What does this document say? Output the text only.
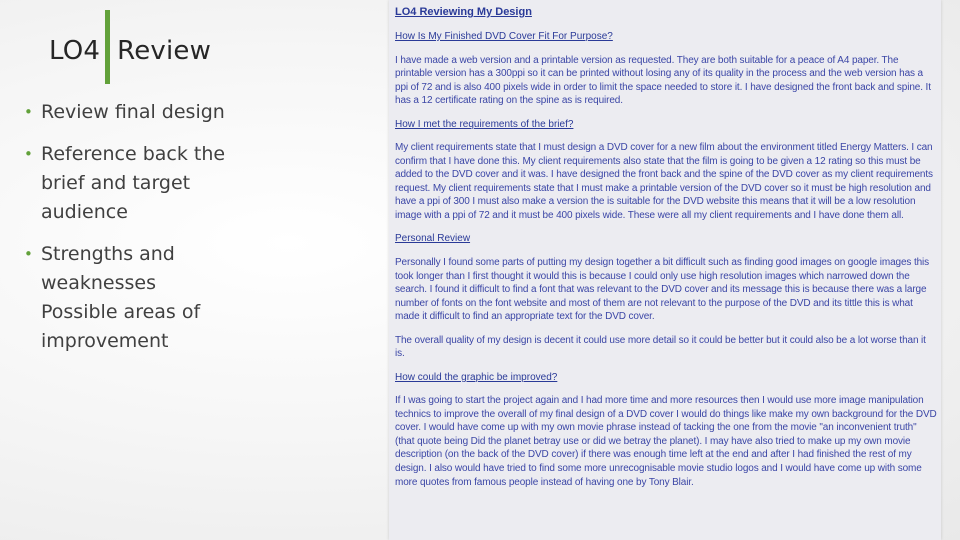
LO4  Review
• Review final design
• Reference back the
brief and target
audience
• Strengths and
weaknesses
Possible areas of
improvement
LO4 Reviewing My Design
How Is My Finished DVD Cover Fit For Purpose?
I have made a web version and a printable version as requested. They are both suitable for a peace of A4 paper. The printable version has a 300ppi so it can be printed without losing any of its quality in the process and the web version has a ppi of 72 and is also 400 pixels wide in order to limit the space needed to store it. I have designed the front back and spine. It has a 12 certificate rating on the spine as is required.
How I met the requirements of the brief?
My client requirements state that I must design a DVD cover for a new film about the environment titled Energy Matters. I can confirm that I have done this. My client requirements also state that the film is going to be given a 12 rating so this must be added to the DVD cover and it was. I have designed the front back and the spine of the DVD cover as my client requirements request. My client requirements state that I must make a printable version of the DVD cover so it must be high resolution and have a ppi of 300 I must also make a version the is suitable for the DVD website this means that it will be a low resolution image with a ppi of 72 and it must be 400 pixels wide. These were all my client requirements and I have done them all.
Personal Review
Personally I found some parts of putting my design together a bit difficult such as finding good images on google images this took longer than I first thought it would this is because I could only use high resolution images which narrowed down the search. I found it difficult to find a font that was relevant to the DVD cover and its message this is because there was a large number of fonts on the font website and most of them are not relevant to the purpose of the DVD and its tittle this is what made it difficult to find an appropriate text for the DVD cover.
The overall quality of my design is decent it could use more detail so it could be better but it could also be a lot worse than it is.
How could the graphic be improved?
If I was going to start the project again and I had more time and more resources then I would use more image manipulation technics to improve the overall of my final design of a DVD cover I would do things like make my own background for the DVD cover. I would have come up with my own movie phrase instead of tacking the one from the movie "an inconvenient truth" (that quote being Did the planet betray use or did we betray the planet). I may have also tried to make up my own movie description (on the back of the DVD cover) if there was enough time left at the end and after I had finished the rest of my design. I also would have tried to find some more unrecognisable movie studio logos and I would have come up with some more quotes from famous people instead of having one by Tony Blair.
